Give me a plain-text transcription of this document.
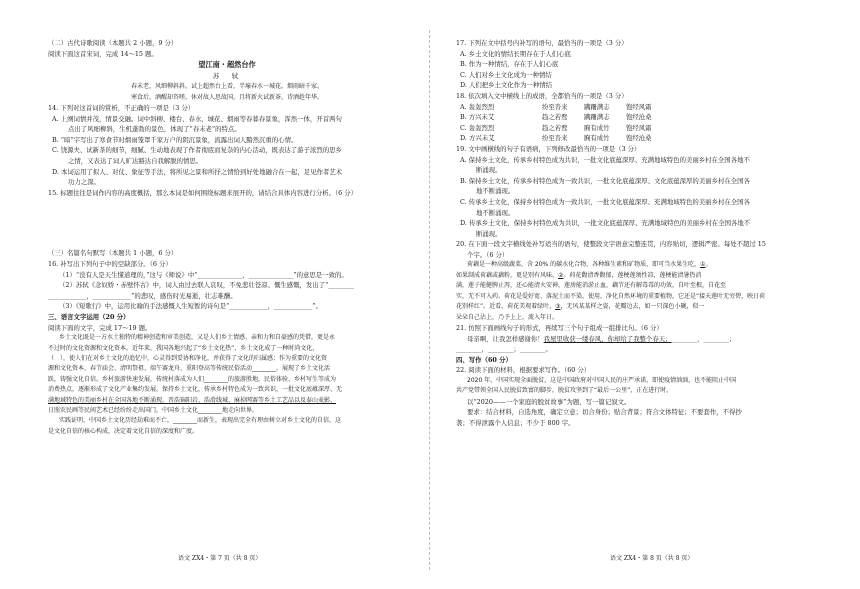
（二）古代诗歌阅读（本题共 2 小题，9 分）
阅读下面这首宋词，完成 14～15 题。
望江南・超然台作
苏　轼
春未老，风细柳斜斜。试上超然台上看，半壕春水一城花。烟雨暗千家。
寒食后，酒醒却咨嗟。休对故人思故国，且将新火试新茶。诗酒趁年华。
14. 下列对这首词的赏析，不正确的一项是（3 分）
A. 上阕词情并茂，情景交融。词中斜柳、楼台、春水、城花、烟雨等春暮春景象，浑然一体，开首两句
点出了风细柳斜，生机蓬勃的景色，体现了“春未老”的特点。
B. “暗”字写出了寒食节时烟雨笼罩千家万户的阴沉景象，流露出词人黯然沉重的心情。
C. 饶源夫、试新茶的细节，细腻、生动地表现了作者彻底而复杂的内心活动，既表达了游子浓烈的思乡
之情，又表达了词人旷达豁达自我解脱的情思。
D. 本词运用了拟人、对仗、象征等手法，将所见之景和所抒之情恰到好处地融合在一起，足见作者艺术
功力之深。
15. 标题往往是词作内容的高度概括，那么本词是如何围绕标题来展开的，请结合具体内容进行分析。（6 分）
（三）名篇名句默写（本题共 1 小题，6 分）
16. 补写出下列句子中的空缺部分。（6 分）
（1）“没有人是天生懂道理的，”这与《师说》中“______________，______________”的意思是一致的。
（2）苏轼《念奴娇・赤壁怀古》中，词人由过去联人哀叹，不免悲壮苍凉、慨生感慨，发出了“________
____________，____________”的悲叹，感伤时光易逝，壮志难酬。
（3）《短歌行》中，运用比喻的手法感慨人生短暂的诗句是“____________，____________”。
三、语言文字运用（20 分）
阅读下面的文字，完成 17～19 题。
乡土文化既是一方水土独特的精神创造和审美创造，又是人们乡土情感、亲和力和自豪感的凭借，更是永
不过时的文化资源和文化资本。近年来，我国各地兴起了“乡土文化热”，乡土文化成了一种时尚文化，
（　），使人们在对乡土文化的追忆中，心灵得到妥协和净化，并获得了文化的归属感；作为重要的文化资
源和文化资本，春节庙会、清明祭祖、端午赛龙舟、重阳登高等传统民俗活动________，展现了乡土文化活
跃，铸强文化自信。乡村旅游快速发展，传统村落成为人们________的旅游胜地，民俗体验、乡村写生等成为
消费热点，逐渐形成了文化产业集约发展。保持乡土文化，传承乡村特色成为一致共识，一批文化底蕴深厚、无
满地域特色的美丽乡村在全国各地不断涌现。晋浩锦阳岩、浩滑线城、麻掉网赛等乡土工艺品以及泰山麦影、
日照农民画等民间艺术已经纷纷走出国门，中国乡土文化________地走向世界。
实践证明，中国乡土文化历经劫难而不亡，________而新生，表现出完全有理由树立对乡土文化的自信，这
是文化自信的核心构成，决定着文化自信的深度和广度。
语文 ZX4・第 7 页（共 8 页）
17. 下列在文中括号内补写的语句，最恰当的一项是（3 分）
A. 乡土文化的情结长期存在于人们心底
B. 作为一种情结，存在于人们心底
C. 人们对乡土文化成为一种情结
D. 人们把乡土文化作为一种情结
18. 依次填入文中横线上的成语，全都恰当的一项是（3 分）
A. 轰轰烈烈	纷至沓来	蹒跚满志	饱经风霜
B. 方兴未艾	趋之若鹜	蹒跚满志	饱经沧桑
C. 轰轰烈烈	趋之若鹜	胸有成竹	饱经风霜
D. 方兴未艾	纷至沓来	胸有成竹	饱经沧桑
19. 文中画横线的句子有语病，下列修改最恰当的一项是（3 分）
A. 保持乡土文化，传承乡村特色成为共识，一批文化底蕴深厚、充满地域特色的美丽乡村在全国各地不
断涌现。
B. 保持乡土文化，传承乡村特色成为一致共识，一批文化底蕴深厚、文化底蕴深厚的美丽乡村在全国各
地不断涌现。
C. 传承乡土文化，保持乡村特色成为一致共识，一批文化底蕴深厚、充满地域特色的美丽乡村在全国各
地不断涌现。
D. 传承乡土文化，保持乡村特色成为共识，一批文化底蕴深厚、充满地域特色的美丽乡村在全国各地不
断涌现。
20. 在下面一段文字横线处补写适当的语句，使整段文字语意完整连贯，内容贴切，逻辑严密。每处不超过 15
个字。（6 分）
荷藕是一种高级蔬菜，含 20% 的碳水化合物，各种维生素和矿物质，即可当水果生吃，①。
如果制成荷藕或藕粉，更是别有风味。②。荷花馥清香馥郁，莲梗莲须性凉，莲梗能清暑热消
满，莲子能健脾止泻，还心能清火安神，莲房能消淤止血，藕节还有解毒毒的功效，自叶至根，自花至
实，无不可入药。荷花是爱好宽、落泥土而不染，使用，净化自然环境的重要植物，它还是“接天莲叶无穷碧，映日荷
花别样红”。近看，荷花美观着绿叶，③，无风某某样之姿，花瓣边去，如一只深色小碗，似一
朵朵自己沾上，乃予上上，流入年日。
21. 仿照下面画线句子的形式，再续写三个句子组成一组排比句。（6 分）
母亲啊，让我怎样感谢你！我屋里收获一缕春风，你却给了我整个春天；________，________；
________，________；________。
四、写作（60 分）
22. 阅读下面的材料，根据要求写作。（60 分）
2020 年，中国实现全面脱贫，这是中国政府对中国人民的庄严承诺，即使疫情汹汹，也不能阻止中国
共产党带领全国人民脱贫致富的脚步，脱贫攻坚到了“最后一公里”，正在进行时。
以“2020——一个家庭的脱贫故事”为题，写一篇记叙文。
要求：结合材料，自选角度，确定立意；切合身份；贴合背景；符合文体特征；不要套作，不得抄
袭；不得泄露个人信息；不少于 800 字。
语文 ZX4・第 8 页（共 8 页）
